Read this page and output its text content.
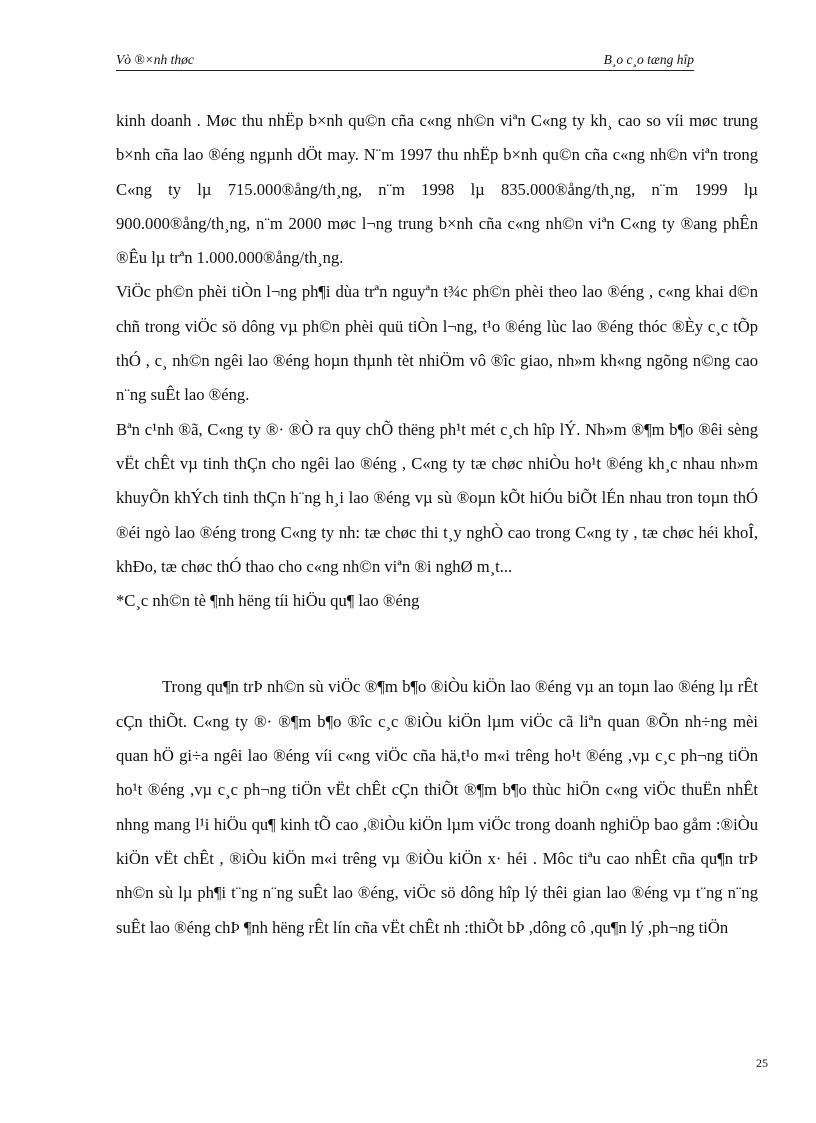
Vò ®×nh thøc	B¸o c¸o tæng hîp

kinh doanh . Møc thu nhËp b×nh qu©n cña c«ng nh©n viªn C«ng ty kh¸ cao so víi møc trung b×nh cña lao ®éng ngµnh dÖt may. N¨m 1997 thu nhËp b×nh qu©n cña c«ng nh©n viªn trong C«ng ty lµ 715.000®ång/th¸ng, n¨m 1998 lµ 835.000®ång/th¸ng, n¨m 1999 lµ 900.000®ång/th¸ng, n¨m 2000 møc l¬ng trung b×nh cña c«ng nh©n viªn C«ng ty ®ang phÊn ®Êu lµ trªn 1.000.000®ång/th¸ng.

ViÖc ph©n phèi tiÒn l¬ng ph¶i dùa trªn nguyªn t¾c ph©n phèi theo lao ®éng , c«ng khai d©n chñ trong viÖc sö dông vµ ph©n phèi quü tiÒn l¬ng, t¹o ®éng lùc lao ®éng thóc ®Èy c¸c tÕp thÓ , c¸ nh©n ngêi lao ®éng hoµn thµnh tèt nhiÖm vô ®îc giao, nh»m kh«ng ngõng n©ng cao n¨ng suÊt lao ®éng.

Bªn c¹nh ®ã, C«ng ty ®· ®Ò ra quy chÕ thëng ph¹t mét c¸ch hîp lÝ. Nh»m ®¶m b¶o ®êi sèng vËt chÊt vµ tinh thÇn cho ngêi lao ®éng , C«ng ty tæ chøc nhiÒu ho¹t ®éng kh¸c nhau nh»m khuyÕn khÝch tinh thÇn h¨ng h¸i lao ®éng vµ sù ®oµn kÕt hiÓu biÕt lÉn nhau tron toµn thÓ ®éi ngò lao ®éng trong C«ng ty nh: tæ chøc thi t¸y nghÒ cao trong C«ng ty , tæ chøc héi khoÎ, khÐo, tæ chøc thÓ thao cho c«ng nh©n viªn ®i nghØ m¸t...

*C¸c nh©n tè ¶nh hëng tíi hiÖu qu¶ lao ®éng

Trong qu¶n trÞ nh©n sù viÖc ®¶m b¶o ®iÒu kiÖn lao ®éng vµ an toµn lao ®éng lµ rÊt cÇn thiÕt. C«ng ty ®· ®¶m b¶o ®îc c¸c ®iÒu kiÖn lµm viÖc cã liªn quan ®Õn nh÷ng mèi quan hÖ gi÷a ngêi lao ®éng víi c«ng viÖc cña hä,t¹o m«i trêng ho¹t ®éng ,vµ c¸c ph¬ng tiÖn ho¹t ®éng ,vµ c¸c ph¬ng tiÖn vËt chÊt cÇn thiÕt ®¶m b¶o thùc hiÖn c«ng viÖc thuËn nhÊt nhng mang l¹i hiÖu qu¶ kinh tÕ cao ,®iÒu kiÖn lµm viÖc trong doanh nghiÖp bao gåm :®iÒu kiÖn vËt chÊt , ®iÒu kiÖn m«i trêng vµ ®iÒu kiÖn x· héi . Môc tiªu cao nhÊt cña qu¶n trÞ nh©n sù lµ ph¶i t¨ng n¨ng suÊt lao ®éng, viÖc sö dông hîp lý thêi gian lao ®éng vµ t¨ng n¨ng suÊt lao ®éng chÞ ¶nh hëng rÊt lín cña vËt chÊt nh :thiÕt bÞ ,dông cô ,qu¶n lý ,ph¬ng tiÖn

25
